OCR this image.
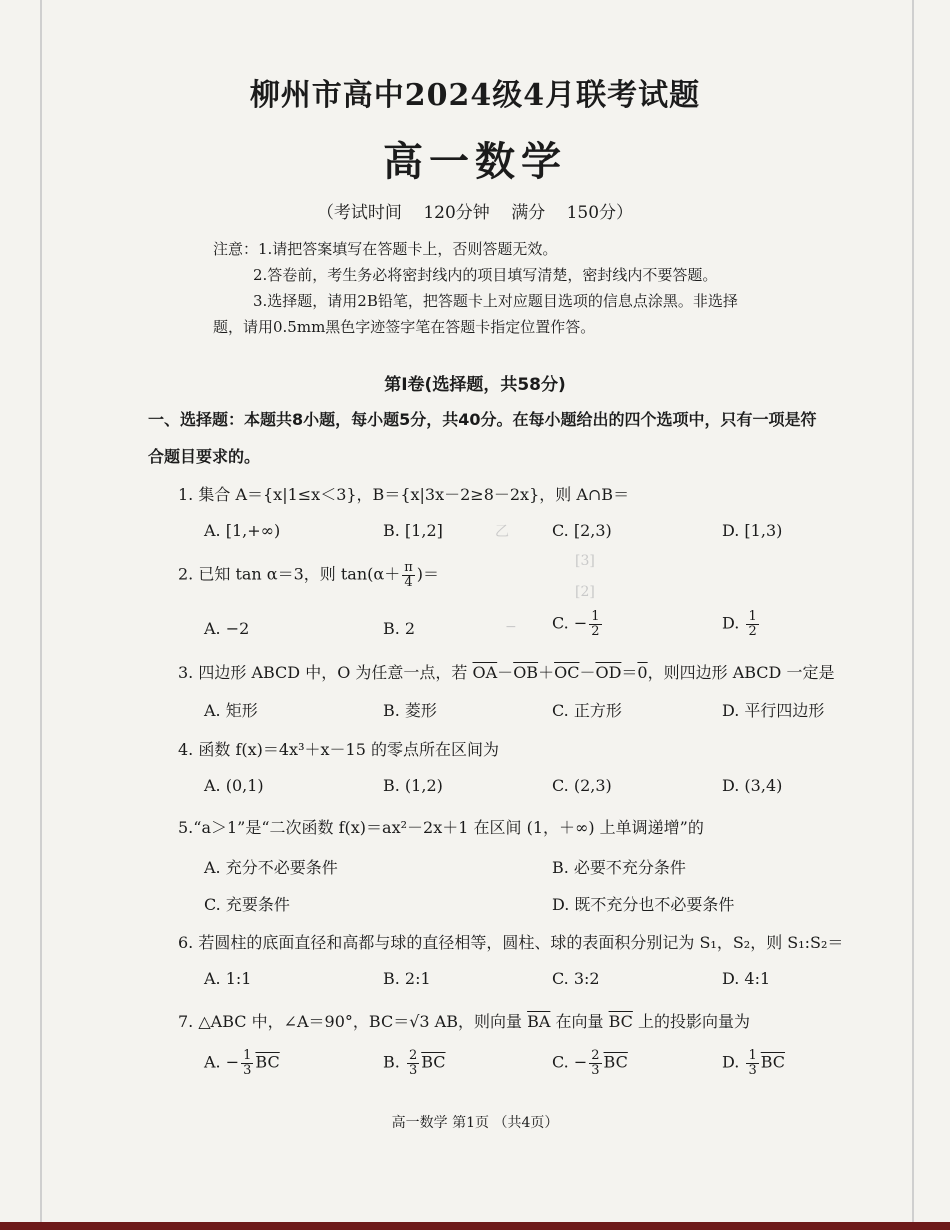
柳州市高中2024级4月联考试题
高一数学
（考试时间 120分钟 满分 150分）
注意：1.请把答案填写在答题卡上，否则答题无效。
2.答卷前，考生务必将密封线内的项目填写清楚，密封线内不要答题。
3.选择题，请用2B铅笔，把答题卡上对应题目选项的信息点涂黑。非选择
题，请用0.5mm黑色字迹签字笔在答题卡指定位置作答。
第Ⅰ卷(选择题，共58分)
一、选择题：本题共8小题，每小题5分，共40分。在每小题给出的四个选项中，只有一项是符
合题目要求的。
1. 集合 A＝{x|1≤x＜3}，B＝{x|3x－2≥8－2x}，则 A∩B＝
A. [1,+∞)	B. [1,2]	C. [2,3)	D. [1,3)
乙
[3]
[2]
2. 已知 tan α＝3，则 $\tan(\alpha+ \frac{\pi}{4}$ )＝
A. −2	B. 2	C. − $\frac{1}{2}$	D. $\frac{1}{2}$
−
3. 四边形 ABCD 中，O 为任意一点，若 $\overline{OA}-\overline{OB}+\overline{OC}-\overline{OD}=0$，则四边形 ABCD 一定是
A. 矩形	B. 菱形	C. 正方形	D. 平行四边形
4. 函数 f(x)＝4x³＋x－15 的零点所在区间为
A. (0,1)	B. (1,2)	C. (2,3)	D. (3,4)
5.“a＞1”是“二次函数 f(x)＝ax²－2x＋1 在区间 (1，＋∞) 上单调递增”的
A. 充分不必要条件	B. 必要不充分条件
C. 充要条件	D. 既不充分也不必要条件
6. 若圆柱的底面直径和高都与球的直径相等，圆柱、球的表面积分别记为 S₁，S₂，则 S₁:S₂＝
A. 1:1	B. 2:1	C. 3:2	D. 4:1
7. △ABC 中，∠A＝90°，BC＝√3 AB，则向量 $\overline{BA}$ 在向量 $\overline{BC}$ 上的投影向量为
A. − $\frac{1}{3} \overline{BC}$	B. $\frac{2}{3} \overline{BC}$	C. − $\frac{2}{3} \overline{BC}$	D. $\frac{1}{3} \overline{BC}$
高一数学 第1页 （共4页）
